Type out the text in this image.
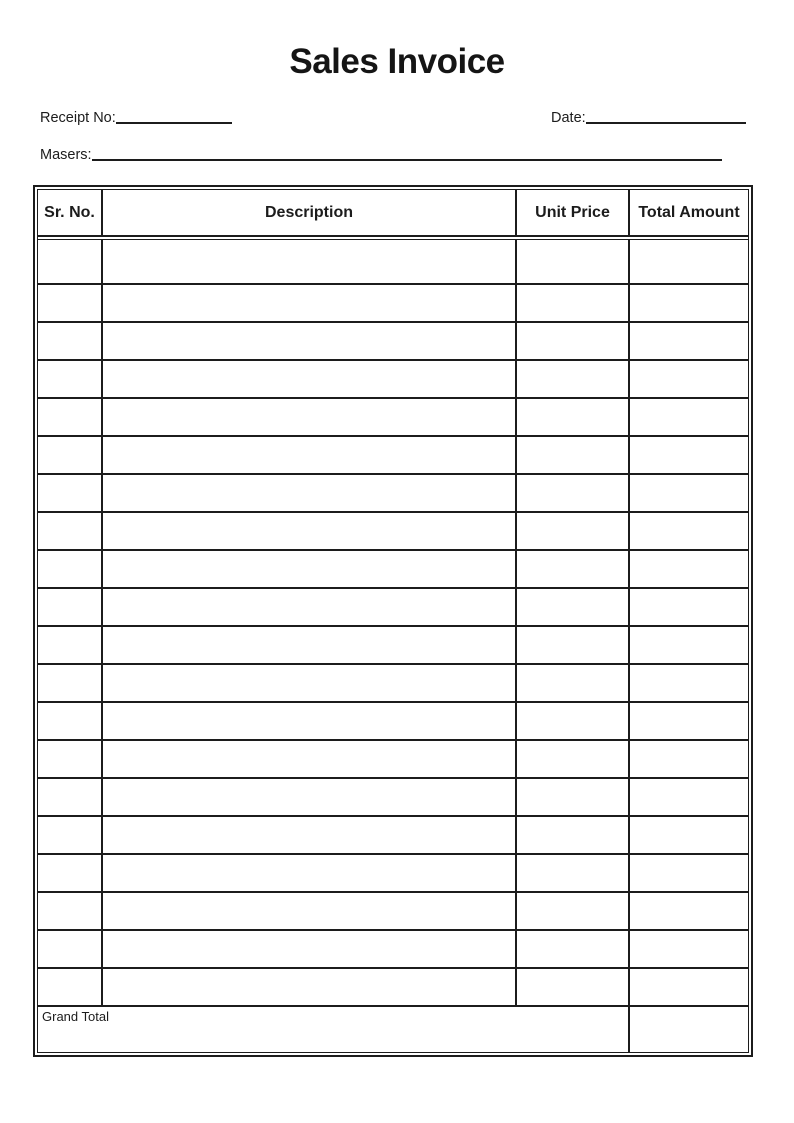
Sales Invoice
Receipt No:	Date:
Masers:
Sr. No.	Description	Unit Price	Total Amount
Grand Total
